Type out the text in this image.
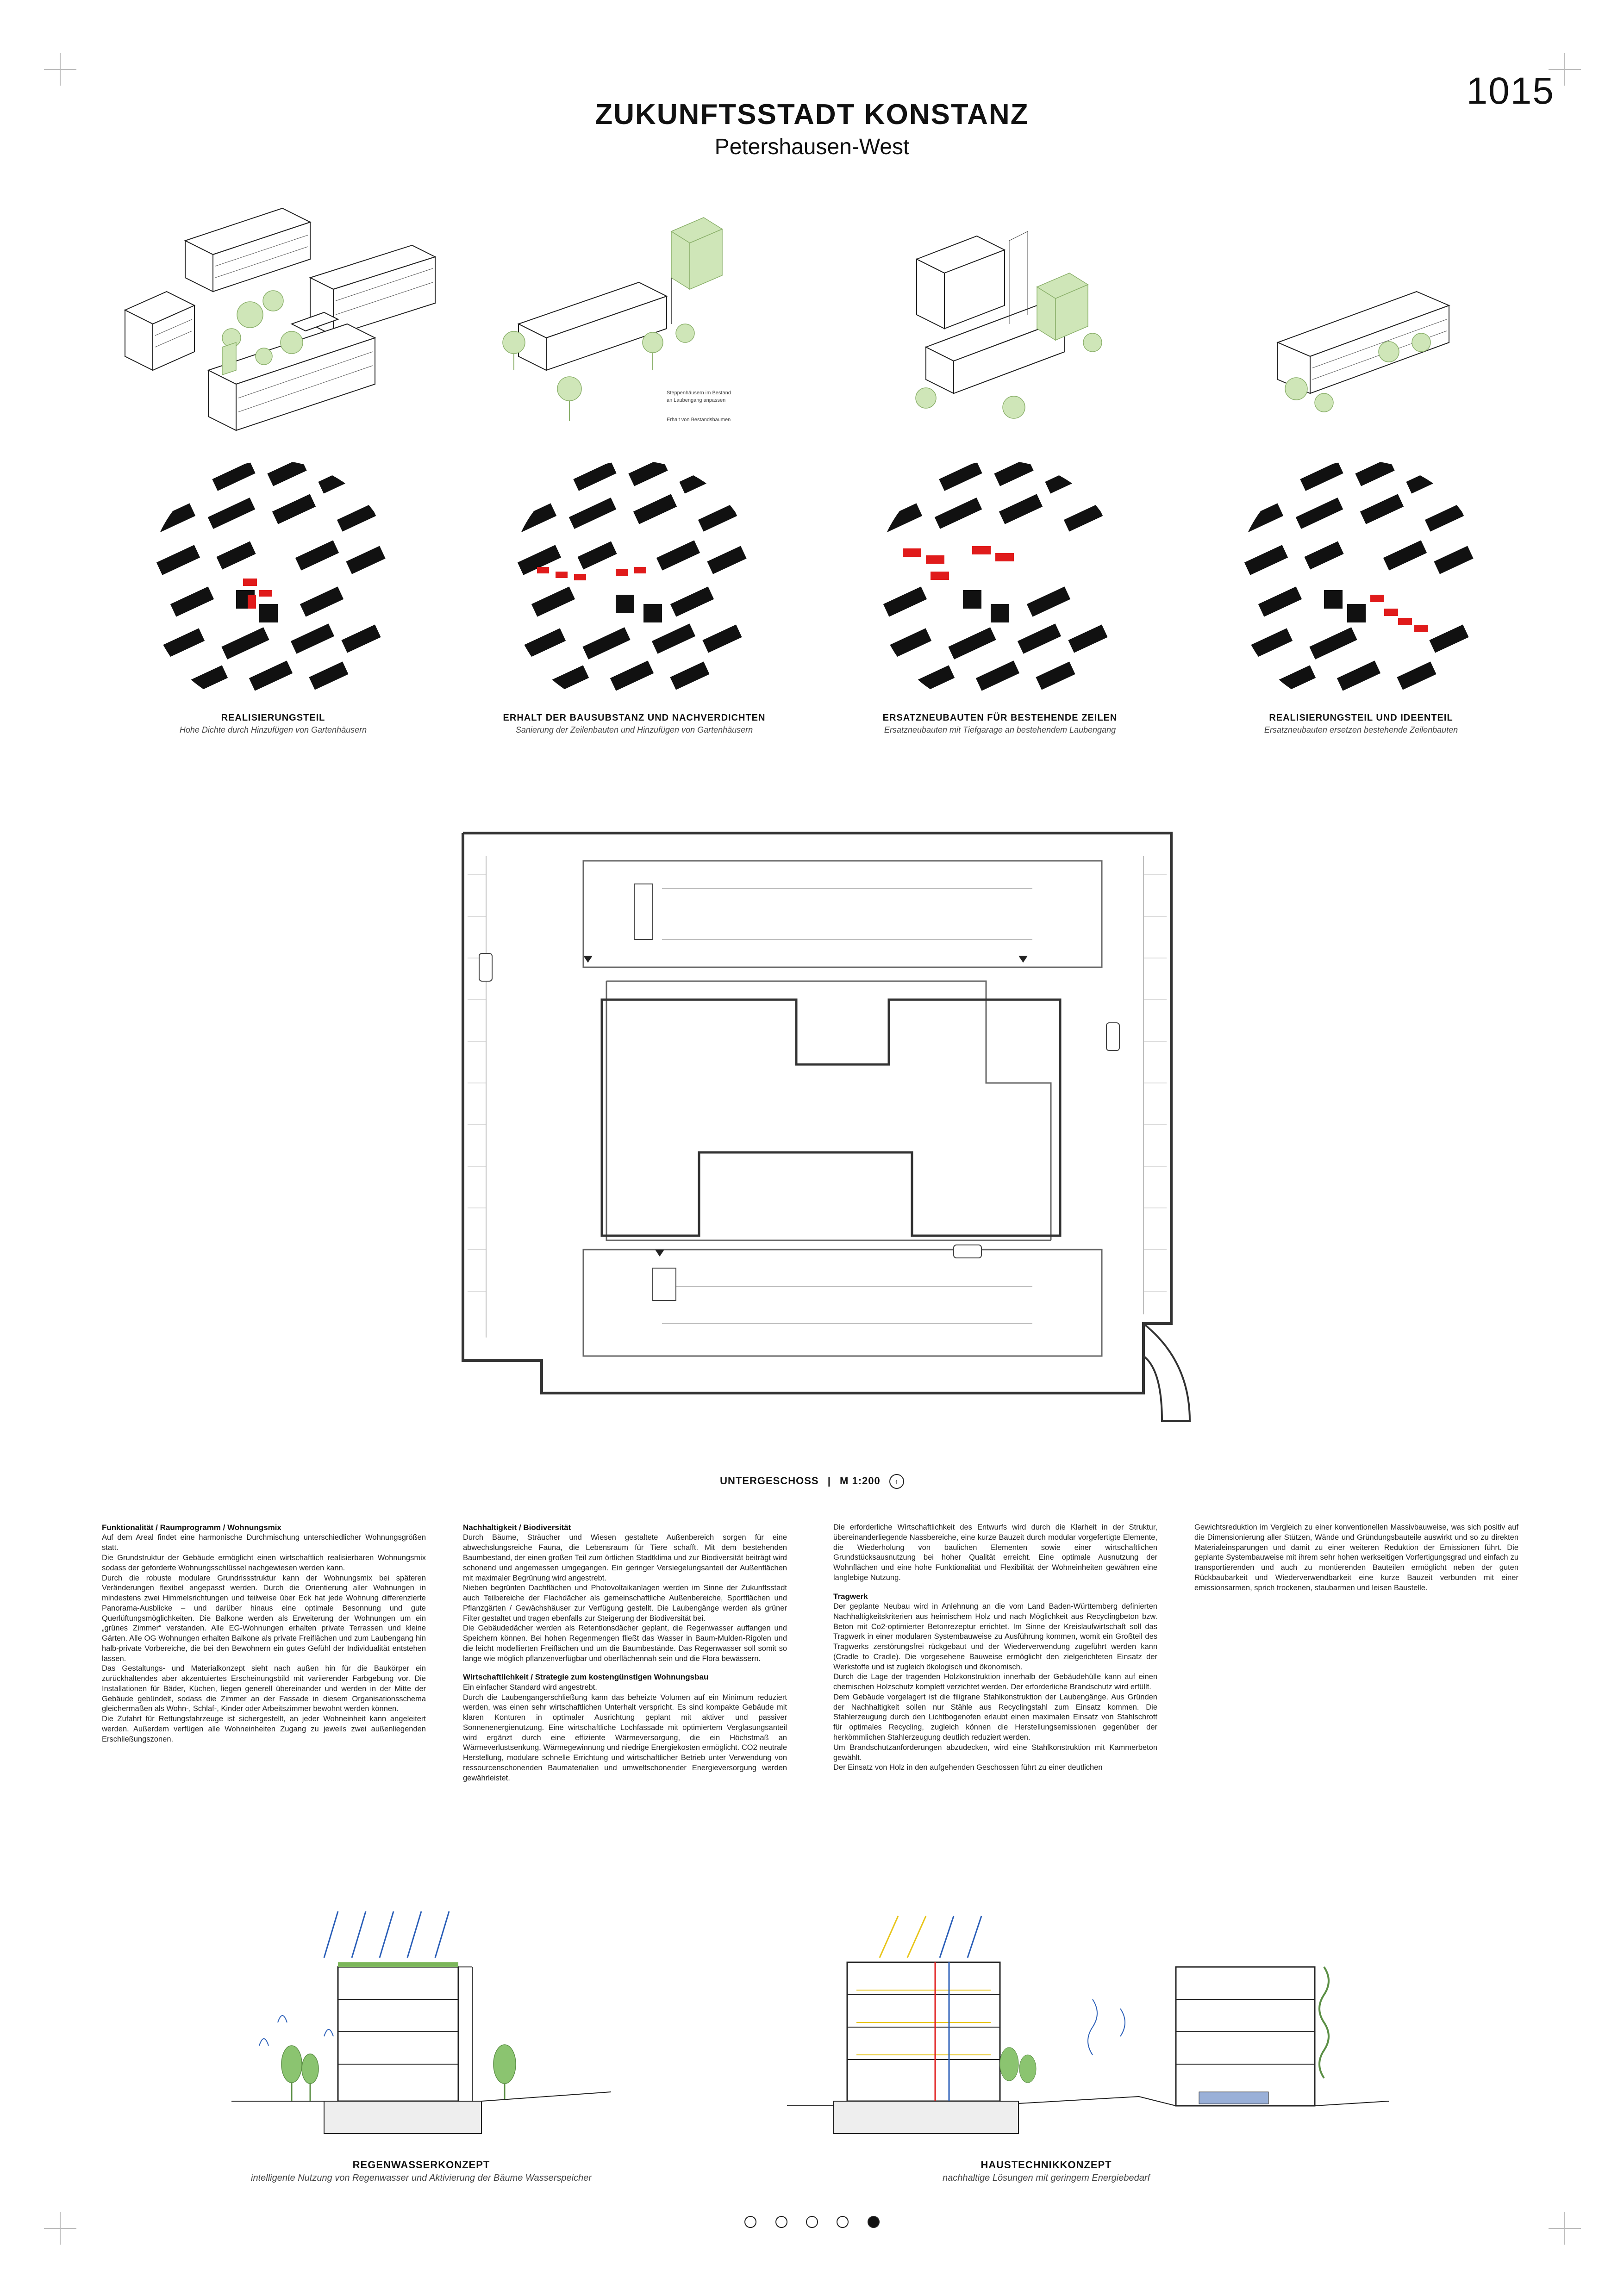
1015
ZUKUNFTSSTADT KONSTANZ
Petershausen-West
Steppenhäusern im Bestand
an Laubengang anpassen
Erhalt von Bestandsbäumen
REALISIERUNGSTEIL
Hohe Dichte durch Hinzufügen von Gartenhäusern
ERHALT DER BAUSUBSTANZ UND NACHVERDICHTEN
Sanierung der Zeilenbauten und Hinzufügen von Gartenhäusern
ERSATZNEUBAUTEN FÜR BESTEHENDE ZEILEN
Ersatzneubauten mit Tiefgarage an bestehendem Laubengang
REALISIERUNGSTEIL UND IDEENTEIL
Ersatzneubauten ersetzen bestehende Zeilenbauten
UNTERGESCHOSS | M 1:200 ↑
Funktionalität / Raumprogramm / Wohnungsmix

Auf dem Areal findet eine harmonische Durchmischung unterschiedlicher Wohnungsgrößen statt.

Die Grundstruktur der Gebäude ermöglicht einen wirtschaftlich realisierbaren Wohnungsmix sodass der geforderte Wohnungsschlüssel nachgewiesen werden kann.

Durch die robuste modulare Grundrissstruktur kann der Wohnungsmix bei späteren Veränderungen flexibel angepasst werden. Durch die Orientierung aller Wohnungen in mindestens zwei Himmelsrichtungen und teilweise über Eck hat jede Wohnung differenzierte Panorama-Ausblicke – und darüber hinaus eine optimale Besonnung und gute Querlüftungsmöglichkeiten. Die Balkone werden als Erweiterung der Wohnungen um ein „grünes Zimmer“ verstanden. Alle EG-Wohnungen erhalten private Terrassen und kleine Gärten. Alle OG Wohnungen erhalten Balkone als private Freiflächen und zum Laubengang hin halb-private Vorbereiche, die bei den Bewohnern ein gutes Gefühl der Individualität entstehen lassen.

Das Gestaltungs- und Materialkonzept sieht nach außen hin für die Baukörper ein zurückhaltendes aber akzentuiertes Erscheinungsbild mit variierender Farbgebung vor. Die Installationen für Bäder, Küchen, liegen generell übereinander und werden in der Mitte der Gebäude gebündelt, sodass die Zimmer an der Fassade in diesem Organisationsschema gleichermaßen als Wohn-, Schlaf-, Kinder oder Arbeitszimmer bewohnt werden können.

Die Zufahrt für Rettungsfahrzeuge ist sichergestellt, an jeder Wohneinheit kann angeleitert werden. Außerdem verfügen alle Wohneinheiten Zugang zu jeweils zwei außenliegenden Erschließungszonen.

Nachhaltigkeit / Biodiversität

Durch Bäume, Sträucher und Wiesen gestaltete Außenbereich sorgen für eine abwechslungsreiche Fauna, die Lebensraum für Tiere schafft. Mit dem bestehenden Baumbestand, der einen großen Teil zum örtlichen Stadtklima und zur Biodiversität beiträgt wird schonend und angemessen umgegangen. Ein geringer Versiegelungsanteil der Außenflächen mit maximaler Begrünung wird angestrebt.

Nieben begrünten Dachflächen und Photovoltaikanlagen werden im Sinne der Zukunftsstadt auch Teilbereiche der Flachdächer als gemeinschaftliche Außenbereiche, Sportflächen und Pflanzgärten / Gewächshäuser zur Verfügung gestellt. Die Laubengänge werden als grüner Filter gestaltet und tragen ebenfalls zur Steigerung der Biodiversität bei.

Die Gebäudedächer werden als Retentionsdächer geplant, die Regenwasser auffangen und Speichern können. Bei hohen Regenmengen fließt das Wasser in Baum-Mulden-Rigolen und die leicht modellierten Freiflächen und um die Baumbestände. Das Regenwasser soll somit so lange wie möglich pflanzenverfügbar und oberflächennah sein und die Flora bewässern.

Wirtschaftlichkeit / Strategie zum kostengünstigen Wohnungsbau

Ein einfacher Standard wird angestrebt.

Durch die Laubengangerschließung kann das beheizte Volumen auf ein Minimum reduziert werden, was einen sehr wirtschaftlichen Unterhalt verspricht. Es sind kompakte Gebäude mit klaren Konturen in optimaler Ausrichtung geplant mit aktiver und passiver Sonnenenergienutzung. Eine wirtschaftliche Lochfassade mit optimiertem Verglasungsanteil wird ergänzt durch eine effiziente Wärmeversorgung, die ein Höchstmaß an Wärmeverlustsenkung, Wärmegewinnung und niedrige Energiekosten ermöglicht. CO2 neutrale Herstellung, modulare schnelle Errichtung und wirtschaftlicher Betrieb unter Verwendung von ressourcenschonenden Baumaterialien und umweltschonender Energieversorgung werden gewährleistet.

Die erforderliche Wirtschaftlichkeit des Entwurfs wird durch die Klarheit in der Struktur, übereinanderliegende Nassbereiche, eine kurze Bauzeit durch modular vorgefertigte Elemente, die Wiederholung von baulichen Elementen sowie einer wirtschaftlichen Grundstücksausnutzung bei hoher Qualität erreicht. Eine optimale Ausnutzung der Wohnflächen und eine hohe Funktionalität und Flexibilität der Wohneinheiten gewähren eine langlebige Nutzung.

Tragwerk

Der geplante Neubau wird in Anlehnung an die vom Land Baden-Württemberg definierten Nachhaltigkeitskriterien aus heimischem Holz und nach Möglichkeit aus Recyclingbeton bzw. Beton mit Co2-optimierter Betonrezeptur errichtet. Im Sinne der Kreislaufwirtschaft soll das Tragwerk in einer modularen Systembauweise zu Ausführung kommen, womit ein Großteil des Tragwerks zerstörungsfrei rückgebaut und der Wiederverwendung zugeführt werden kann (Cradle to Cradle). Die vorgesehene Bauweise ermöglicht den zielgerichteten Einsatz der Werkstoffe und ist zugleich ökologisch und ökonomisch.

Durch die Lage der tragenden Holzkonstruktion innerhalb der Gebäudehülle kann auf einen chemischen Holzschutz komplett verzichtet werden. Der erforderliche Brandschutz wird erfüllt.

Dem Gebäude vorgelagert ist die filigrane Stahlkonstruktion der Laubengänge. Aus Gründen der Nachhaltigkeit sollen nur Stähle aus Recyclingstahl zum Einsatz kommen. Die Stahlerzeugung durch den Lichtbogenofen erlaubt einen maximalen Einsatz von Stahlschrott für optimales Recycling, zugleich können die Herstellungsemissionen gegenüber der herkömmlichen Stahlerzeugung deutlich reduziert werden.

Um Brandschutzanforderungen abzudecken, wird eine Stahlkonstruktion mit Kammerbeton gewählt.

Der Einsatz von Holz in den aufgehenden Geschossen führt zu einer deutlichen

Gewichtsreduktion im Vergleich zu einer konventionellen Massivbauweise, was sich positiv auf die Dimensionierung aller Stützen, Wände und Gründungsbauteile auswirkt und so zu direkten Materialeinsparungen und damit zu einer weiteren Reduktion der Emissionen führt. Die geplante Systembauweise mit ihrem sehr hohen werkseitigen Vorfertigungsgrad und einfach zu transportierenden und auch zu montierenden Bauteilen ermöglicht neben der guten Rückbaubarkeit und Wiederverwendbarkeit eine kurze Bauzeit verbunden mit einer emissionsarmen, sprich trockenen, staubarmen und leisen Baustelle.

REGENWASSERKONZEPT
intelligente Nutzung von Regenwasser und Aktivierung der Bäume Wasserspeicher
HAUSTECHNIKKONZEPT
nachhaltige Lösungen mit geringem Energiebedarf
